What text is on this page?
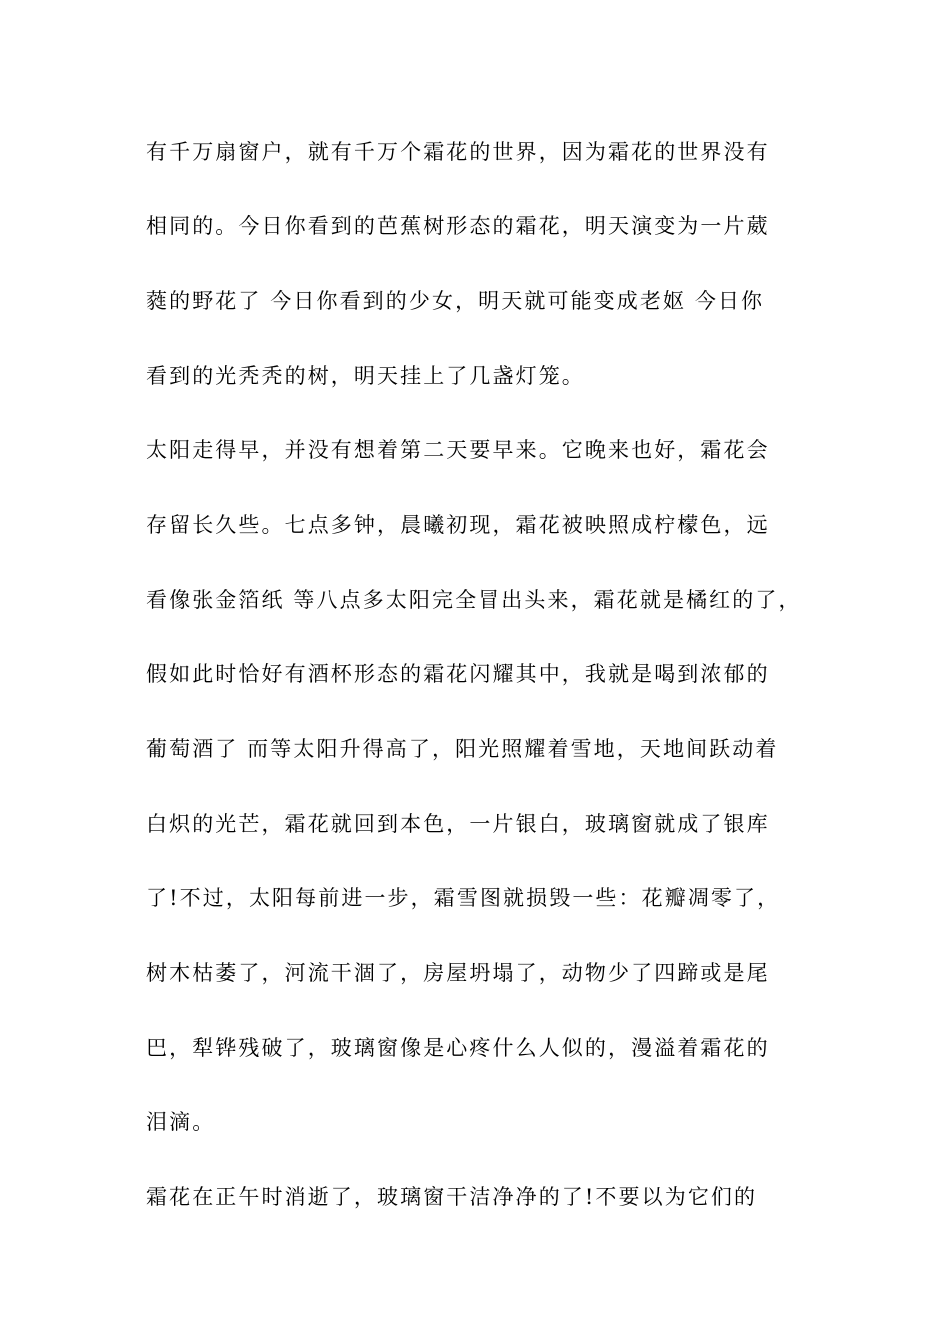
有千万扇窗户，就有千万个霜花的世界，因为霜花的世界没有
相同的。今日你看到的芭蕉树形态的霜花，明天演变为一片葳
蕤的野花了 今日你看到的少女，明天就可能变成老妪 今日你
看到的光秃秃的树，明天挂上了几盏灯笼。
太阳走得早，并没有想着第二天要早来。它晚来也好，霜花会
存留长久些。七点多钟，晨曦初现，霜花被映照成柠檬色，远
看像张金箔纸 等八点多太阳完全冒出头来，霜花就是橘红的了，
假如此时恰好有酒杯形态的霜花闪耀其中，我就是喝到浓郁的
葡萄酒了 而等太阳升得高了，阳光照耀着雪地，天地间跃动着
白炽的光芒，霜花就回到本色，一片银白，玻璃窗就成了银库
了!不过，太阳每前进一步，霜雪图就损毁一些：花瓣凋零了，
树木枯萎了，河流干涸了，房屋坍塌了，动物少了四蹄或是尾
巴，犁铧残破了，玻璃窗像是心疼什么人似的，漫溢着霜花的
泪滴。
霜花在正午时消逝了，玻璃窗干洁净净的了!不要以为它们的
